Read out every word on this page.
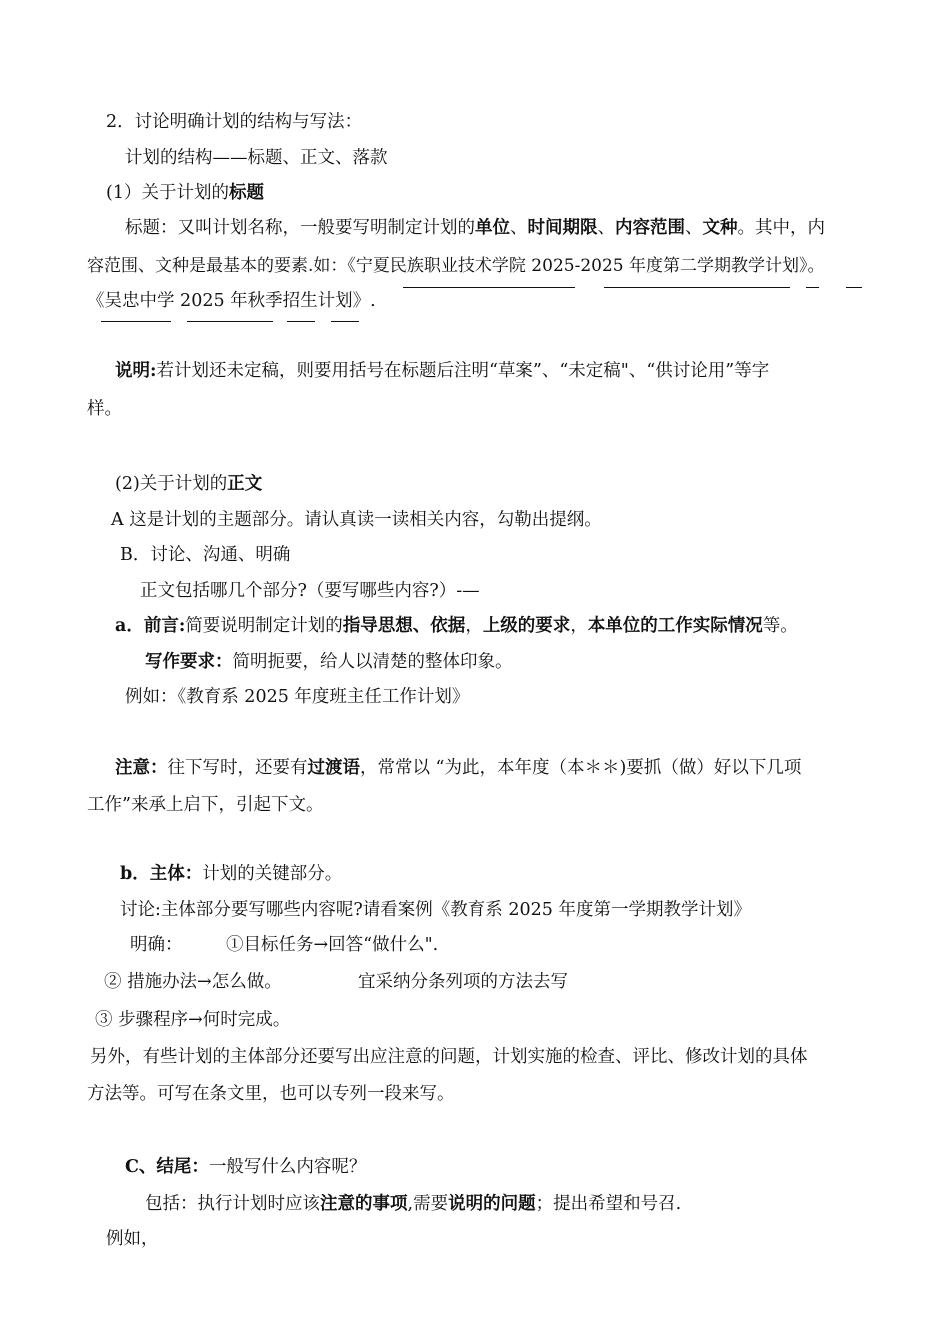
2．讨论明确计划的结构与写法：
计划的结构——标题、正文、落款
(1）关于计划的标题
标题：又叫计划名称，一般要写明制定计划的单位、时间期限、内容范围、文种。其中，内
容范围、文种是最基本的要素.如：《宁夏民族职业技术学院 2025-2025 年度第二学期教学计划》。
《吴忠中学 2025 年秋季招生计划》.
说明:若计划还未定稿，则要用括号在标题后注明“草案”、“未定稿"、“供讨论用”等字
样。
(2)关于计划的正文
A 这是计划的主题部分。请认真读一读相关内容，勾勒出提纲。
B．讨论、沟通、明确
正文包括哪几个部分?（要写哪些内容?）-—
a．前言:简要说明制定计划的指导思想、依据，上级的要求，本单位的工作实际情况等。
写作要求：简明扼要，给人以清楚的整体印象。
例如：《教育系 2025 年度班主任工作计划》
注意：往下写时，还要有过渡语，常常以 “为此，本年度（本＊＊)要抓（做）好以下几项
工作”来承上启下，引起下文。
b．主体：计划的关键部分。
讨论:主体部分要写哪些内容呢?请看案例《教育系 2025 年度第一学期教学计划》
明确： ①目标任务→回答“做什么".
② 措施办法→怎么做。	宜采纳分条列项的方法去写
③ 步骤程序→何时完成。
另外，有些计划的主体部分还要写出应注意的问题，计划实施的检查、评比、修改计划的具体
方法等。可写在条文里，也可以专列一段来写。
C、结尾：一般写什么内容呢？
包括：执行计划时应该注意的事项,需要说明的问题；提出希望和号召.
例如，
